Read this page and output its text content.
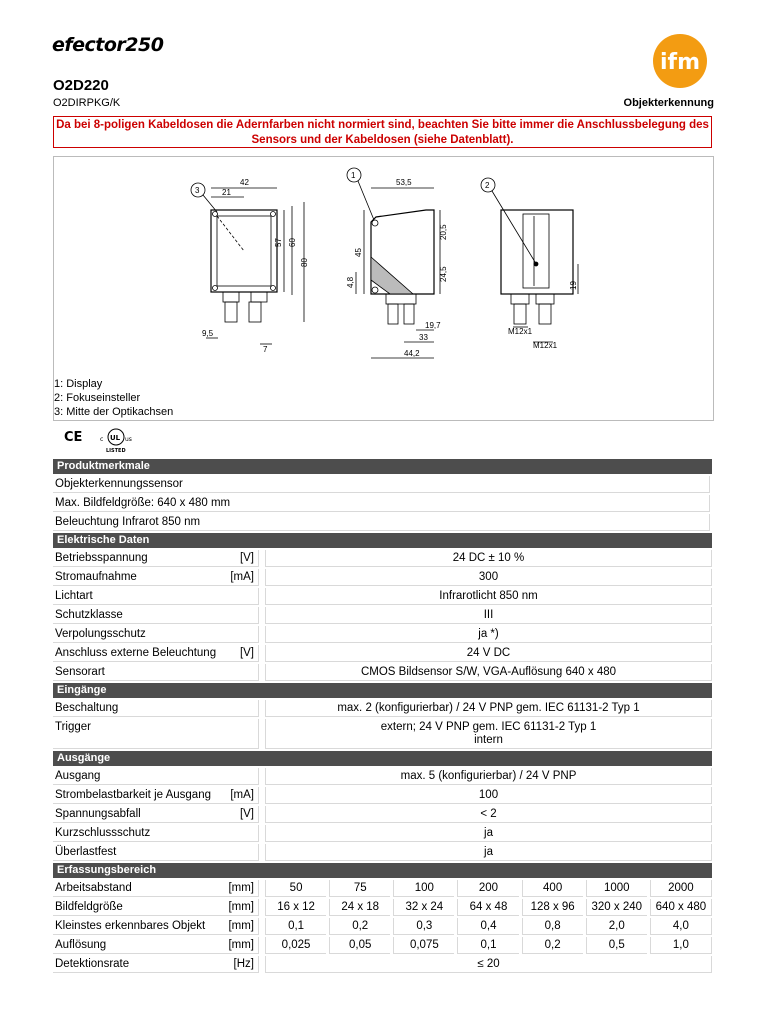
efector250
ifm
O2D220
O2DIRPKG/K	Objekterkennung
Da bei 8-poligen Kabeldosen die Adernfarben nicht normiert sind, beachten Sie bitte immer die Anschlussbelegung des Sensors und der Kabeldosen (siehe Datenblatt).
42
21
57 60
80
9,5
7
3
53,5
20,5
45
24,5
4,8
19,7
33
44,2
1
19
M12x1
M12x1
2
1: Display
2: Fokuseinsteller
3: Mitte der Optikachsen
CE	c UL us
LISTED
Produktmerkmale
Objekterkennungssensor
Max. Bildfeldgröße: 640 x 480 mm
Beleuchtung Infrarot 850 nm
Elektrische Daten
Betriebsspannung	[V]	24 DC ± 10 %
Stromaufnahme	[mA]	300
Lichtart	Infrarotlicht 850 nm
Schutzklasse	III
Verpolungsschutz	ja *)
Anschluss externe Beleuchtung	[V]	24 V DC
Sensorart	CMOS Bildsensor S/W, VGA-Auflösung 640 x 480
Eingänge
Beschaltung	max. 2 (konfigurierbar) / 24 V PNP gem. IEC 61131-2 Typ 1
Trigger	extern; 24 V PNP gem. IEC 61131-2 Typ 1
intern
Ausgänge
Ausgang	max. 5 (konfigurierbar) / 24 V PNP
Strombelastbarkeit je Ausgang	[mA]	100
Spannungsabfall	[V]	< 2
Kurzschlussschutz	ja
Überlastfest	ja
Erfassungsbereich
Arbeitsabstand	[mm]	50	75	100	200	400	1000	2000
Bildfeldgröße	[mm]	16 x 12	24 x 18	32 x 24	64 x 48	128 x 96	320 x 240	640 x 480
Kleinstes erkennbares Objekt	[mm]	0,1	0,2	0,3	0,4	0,8	2,0	4,0
Auflösung	[mm]	0,025	0,05	0,075	0,1	0,2	0,5	1,0
Detektionsrate	[Hz]	≤ 20
